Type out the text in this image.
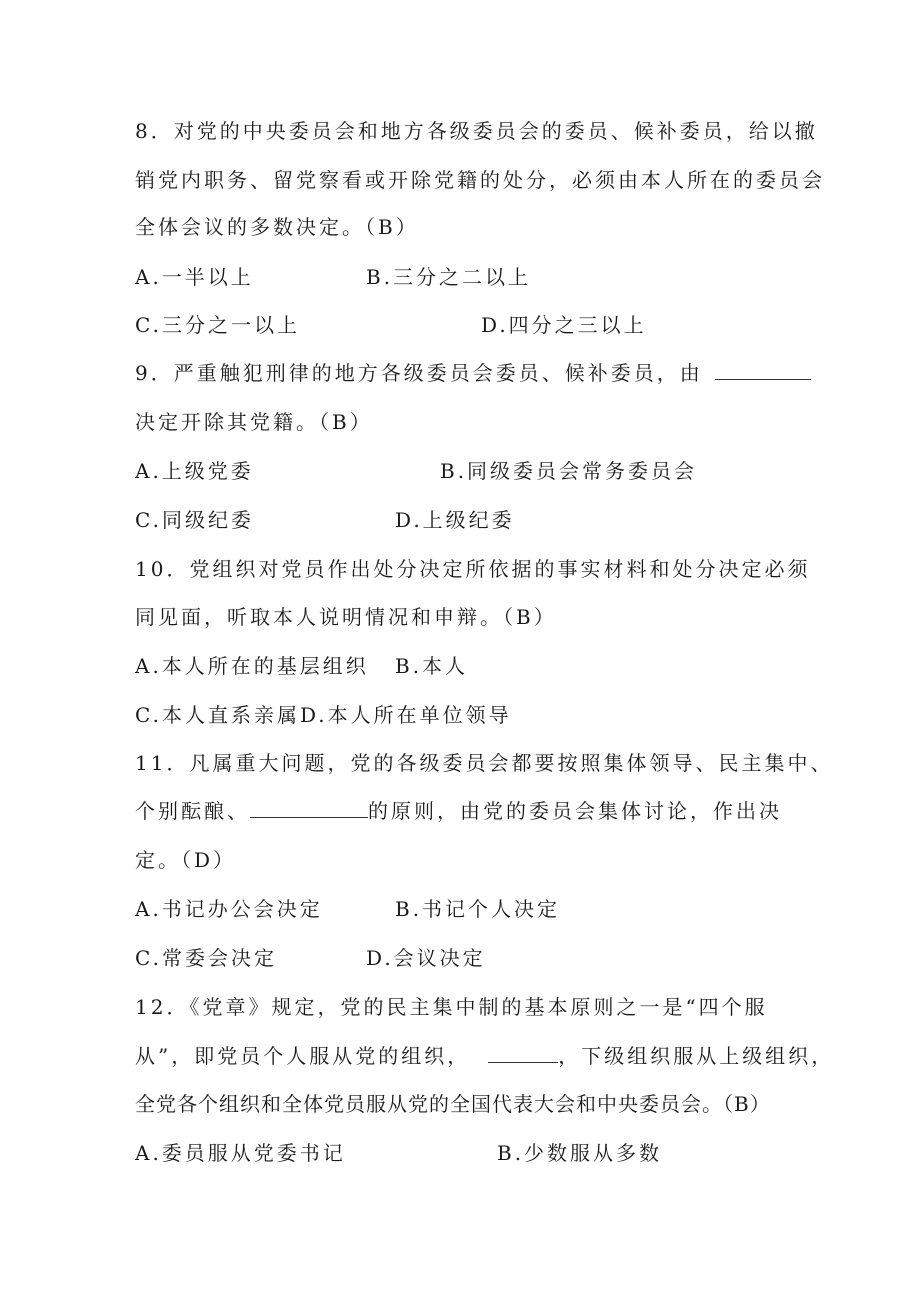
8．对党的中央委员会和地方各级委员会的委员、候补委员，给以撤
销党内职务、留党察看或开除党籍的处分，必须由本人所在的委员会
全体会议的多数决定。（B）
A.一半以上	B.三分之二以上
C.三分之一以上	D.四分之三以上
9．严重触犯刑律的地方各级委员会委员、候补委员，由
决定开除其党籍。（B）
A.上级党委	B.同级委员会常务委员会
C.同级纪委	D.上级纪委
10．党组织对党员作出处分决定所依据的事实材料和处分决定必须
同见面，听取本人说明情况和申辩。（B）
A.本人所在的基层组织 B.本人
C.本人直系亲属D.本人所在单位领导
11．凡属重大问题，党的各级委员会都要按照集体领导、民主集中、
个别酝酿、	的原则，由党的委员会集体讨论，作出决
定。（D）
A.书记办公会决定	B.书记个人决定
C.常委会决定	D.会议决定
12．《党章》规定，党的民主集中制的基本原则之一是“四个服
从”，即党员个人服从党的组织，	，下级组织服从上级组织，
全党各个组织和全体党员服从党的全国代表大会和中央委员会。（B）
A.委员服从党委书记	B.少数服从多数
